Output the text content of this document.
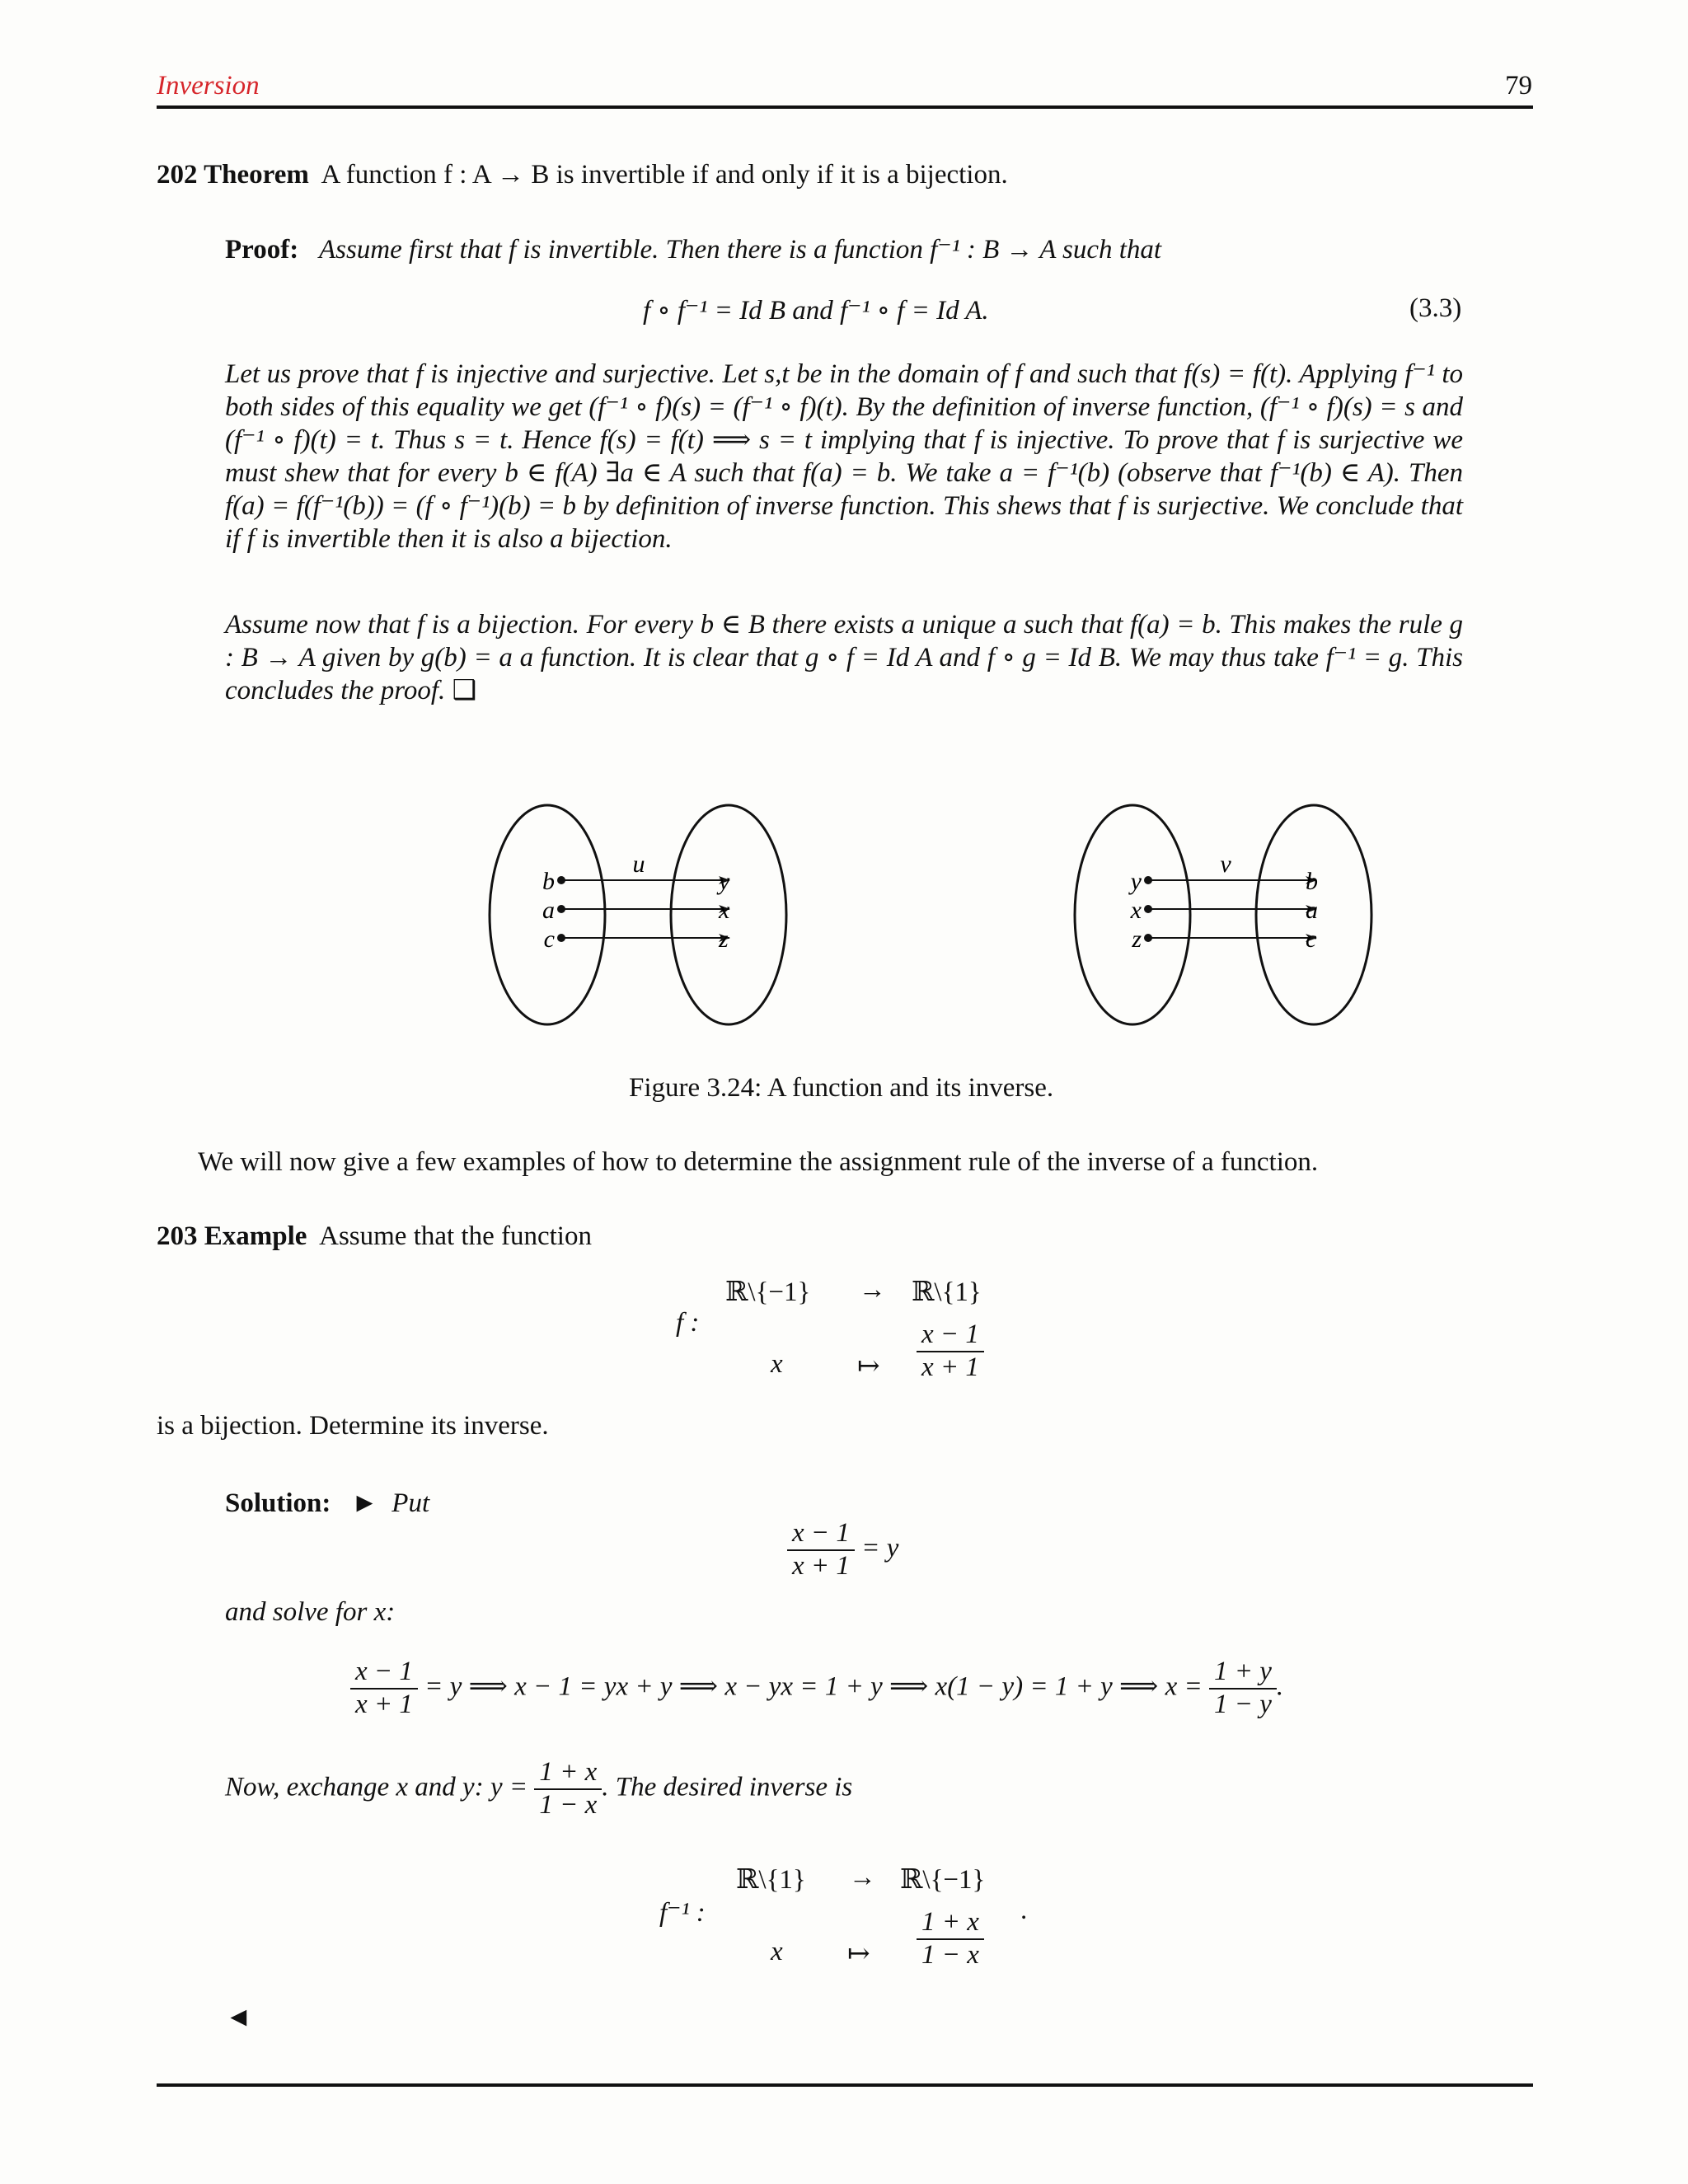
Inversion	79
202 Theorem A function f : A → B is invertible if and only if it is a bijection.
Proof: Assume first that f is invertible. Then there is a function f⁻¹ : B → A such that
f ∘ f⁻¹ = Id B and f⁻¹ ∘ f = Id A.	(3.3)
Let us prove that f is injective and surjective. Let s,t be in the domain of f and such that f(s) = f(t). Applying f⁻¹ to both sides of this equality we get (f⁻¹ ∘ f)(s) = (f⁻¹ ∘ f)(t). By the definition of inverse function, (f⁻¹ ∘ f)(s) = s and (f⁻¹ ∘ f)(t) = t. Thus s = t. Hence f(s) = f(t) ⟹ s = t implying that f is injective. To prove that f is surjective we must shew that for every b ∈ f(A) ∃a ∈ A such that f(a) = b. We take a = f⁻¹(b) (observe that f⁻¹(b) ∈ A). Then f(a) = f(f⁻¹(b)) = (f ∘ f⁻¹)(b) = b by definition of inverse function. This shews that f is surjective. We conclude that if f is invertible then it is also a bijection.
Assume now that f is a bijection. For every b ∈ B there exists a unique a such that f(a) = b. This makes the rule g : B → A given by g(b) = a a function. It is clear that g ∘ f = Id A and f ∘ g = Id B. We may thus take f⁻¹ = g. This concludes the proof. ❑
u
b
a
c
y
x
z
v
y
x
z
b
a
c
Figure 3.24: A function and its inverse.
We will now give a few examples of how to determine the assignment rule of the inverse of a function.
203 Example Assume that the function
f :
ℝ\{−1} → ℝ\{1}
x	↦ $\frac{x - 1}{x + 1}$
is a bijection. Determine its inverse.
Solution: ► Put
$\frac{x - 1}{x + 1} = y$
and solve for x:
$\frac{x - 1}{x + 1} = y$ ⟹ x − 1 = yx + y ⟹ x − yx = 1 + y ⟹ x(1 − y) = 1 + y ⟹ $x = \frac{1 + y}{1 - y}$ .
Now, exchange x and y: $y = \frac{1 + x}{1 - x}$ . The desired inverse is
f⁻¹ :
ℝ\{1} → ℝ\{−1}
x ↦ $\frac{1 + x}{1 - x}$ .
◄
